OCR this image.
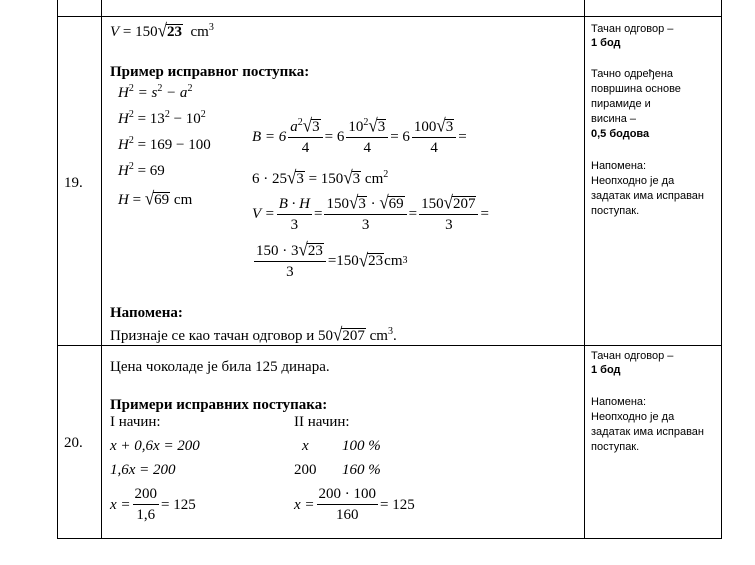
19.
V = 150√23 $cm^3$
Пример исправног поступка:
$H^2 = s^2 - a^2$
$H^2 = 13^2 - 10^2$
$H^2 = 169 - 100$
$H^2 = 69$
H = √69 cm
$B = 6 \frac{a^2√3}{4} = 6 \frac{10^2√3}{4} = 6 \frac{100√3}{4}$ =
6 · 25√3 = 150√3 $cm^2$
$V = \frac{B \cdot H}{3} = \frac{150√3 \cdot √69}{3} = \frac{150√207}{3}$ =
$\frac{150 \cdot 3√23}{3} =150$ √ 23 cm 3
Напомена:
Признаје се као тачан одговор и 50√207 $cm^3$.
Тачан одговор –
1 бод
Тачно одређена
површина основе
пирамиде и
висина –
0,5 бодова
Напомена:
Неопходно је да
задатак има исправан
поступак.
20.
Цена чоколаде је била 125 динара.
Примери исправних поступака:
I начин:	II начин:
x + 0,6x = 200
1,6x = 200
$x = \frac{200}{1,6} = 125$
x 100 %
200 160 %
$x = \frac{200 \cdot 100}{160} = 125$
Тачан одговор –
1 бод
Напомена:
Неопходно је да
задатак има исправан
поступак.
